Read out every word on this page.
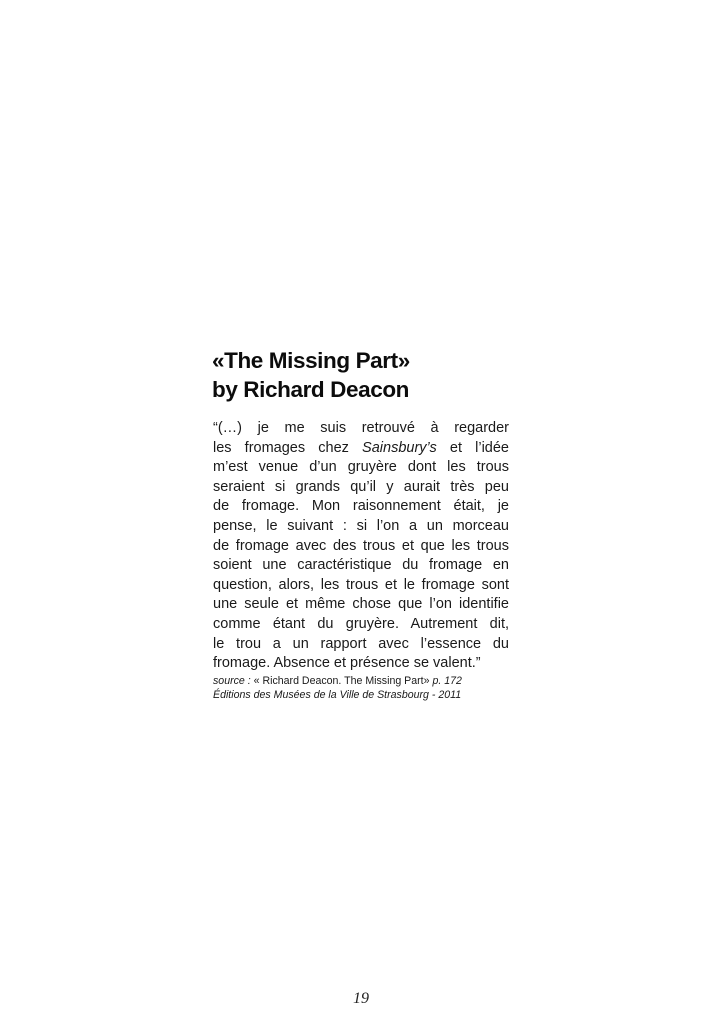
«The Missing Part»
by Richard Deacon
“(…) je me suis retrouvé à regarder
les fromages chez Sainsbury’s et l’idée
m’est venue d’un gruyère dont les trous
seraient si grands qu’il y aurait très peu
de fromage. Mon raisonnement était, je
pense, le suivant : si l’on a un morceau
de fromage avec des trous et que les trous
soient une caractéristique du fromage en
question, alors, les trous et le fromage sont
une seule et même chose que l’on identifie
comme étant du gruyère. Autrement dit,
le trou a un rapport avec l’essence du
fromage. Absence et présence se valent.”
source : « Richard Deacon. The Missing Part» p. 172
Éditions des Musées de la Ville de Strasbourg - 2011
19
